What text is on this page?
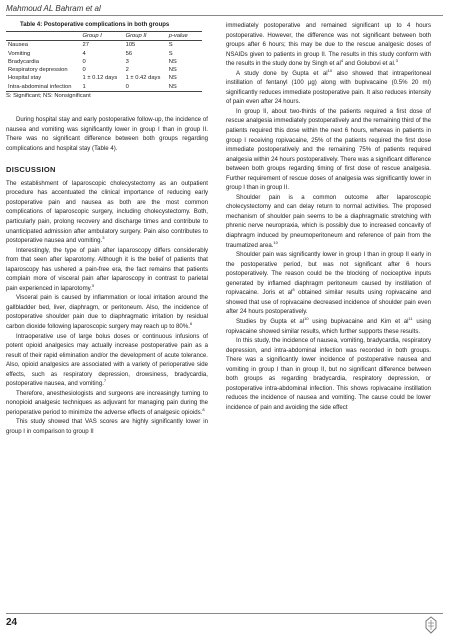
Mahmoud AL Bahram et al
Table 4: Postoperative complications in both groups
	Group I	Group II	p-value
Nausea	27	105	S
Vomiting	4	56	S
Bradycardia	0	3	NS
Respiratory depression	0	2	NS
Hospital stay	1 ± 0.12 days	1 ± 0.42 days	NS
Intra-abdominal infection	1	0	NS
S: Significant; NS: Nonsignificant

During hospital stay and early postoperative follow-up, the incidence of nausea and vomiting was significantly lower in group I than in group II. There was no significant difference between both groups regarding complications and hospital stay (Table 4).

DISCUSSION

The establishment of laparoscopic cholecystectomy as an outpatient procedure has accentuated the clinical importance of reducing early postoperative pain and nausea as both are the most common complications of laparoscopic surgery, including cholecystectomy. Both, particularly pain, prolong recovery and discharge times and contribute to unanticipated admission after ambulatory surgery. Pain also contributes to postoperative nausea and vomiting.$^3$

Interestingly, the type of pain after laparoscopy differs considerably from that seen after laparotomy. Although it is the belief of patients that laparoscopy has ushered a pain-free era, the fact remains that patients complain more of visceral pain after laparoscopy in contrast to parietal pain experienced in laparotomy.$^5$

Visceral pain is caused by inflammation or local irritation around the gallbladder bed, liver, diaphragm, or peritoneum. Also, the incidence of postoperative shoulder pain due to diaphragmatic irritation by residual carbon dioxide following laparoscopic surgery may reach up to 80%.$^6$

Intraoperative use of large bolus doses or continuous infusions of potent opioid analgesics may actually increase postoperative pain as a result of their rapid elimination and/or the development of acute tolerance. Also, opioid analgesics are associated with a variety of perioperative side effects, such as respiratory depression, drowsiness, bradycardia, postoperative nausea, and vomiting.$^7$

Therefore, anesthesiologists and surgeons are increasingly turning to nonopioid analgesic techniques as adjuvant for managing pain during the perioperative period to minimize the adverse effects of analgesic opioids.$^8$

This study showed that VAS scores are highly significantly lower in group I in comparison to group II

immediately postoperative and remained significant up to 4 hours postoperative. However, the difference was not significant between both groups after 6 hours; this may be due to the rescue analgesic doses of NSAIDs given to patients in group II. The results in this study conform with the results in the study done by Singh et $al^4$ and Golubovi et al.$^3$

A study done by Gupta et $al^{10}$ also showed that intraperitoneal instillation of fentanyl (100 µg) along with bupivacaine (0.5% 20 ml) significantly reduces immediate postoperative pain. It also reduces intensity of pain even after 24 hours.

In group II, about two-thirds of the patients required a first dose of rescue analgesia immediately postoperatively and the remaining third of the patients required this dose within the next 6 hours, whereas in patients in group I receiving ropivacaine, 25% of the patients required the first dose immediate postoperatively and the remaining 75% of patients required analgesia within 24 hours postoperatively. There was a significant difference between both groups regarding timing of first dose of rescue analgesia. Further requirement of rescue doses of analgesia was significantly lower in group I than in group II.

Shoulder pain is a common outcome after laparoscopic cholecystectomy and can delay return to normal activities. The proposed mechanism of shoulder pain seems to be a diaphragmatic stretching with phrenic nerve neuropraxia, which is possibly due to increased concavity of diaphragm induced by pneumoperitoneum and reference of pain from the traumatized area.$^{10}$

Shoulder pain was significantly lower in group I than in group II early in the postoperative period, but was not significant after 6 hours postoperatively. The reason could be the blocking of nociceptive inputs generated by inflamed diaphragm peritoneum caused by instillation of ropivacaine. Joris et $al^8$ obtained similar results using ropivacaine and showed that use of ropivacaine decreased incidence of shoulder pain even after 24 hours postoperatively.

Studies by Gupta et $al^{10}$ using bupivacaine and Kim et $al^{11}$ using ropivacaine showed similar results, which further supports these results.

In this study, the incidence of nausea, vomiting, bradycardia, respiratory depression, and intra-abdominal infection was recorded in both groups. There was a significantly lower incidence of postoperative nausea and vomiting in group I than in group II, but no significant difference between both groups as regarding bradycardia, respiratory depression, or postoperative intra-abdominal infection. This shows ropivacaine instillation reduces the incidence of nausea and vomiting. The cause could be lower incidence of pain and avoiding the side effect

24
